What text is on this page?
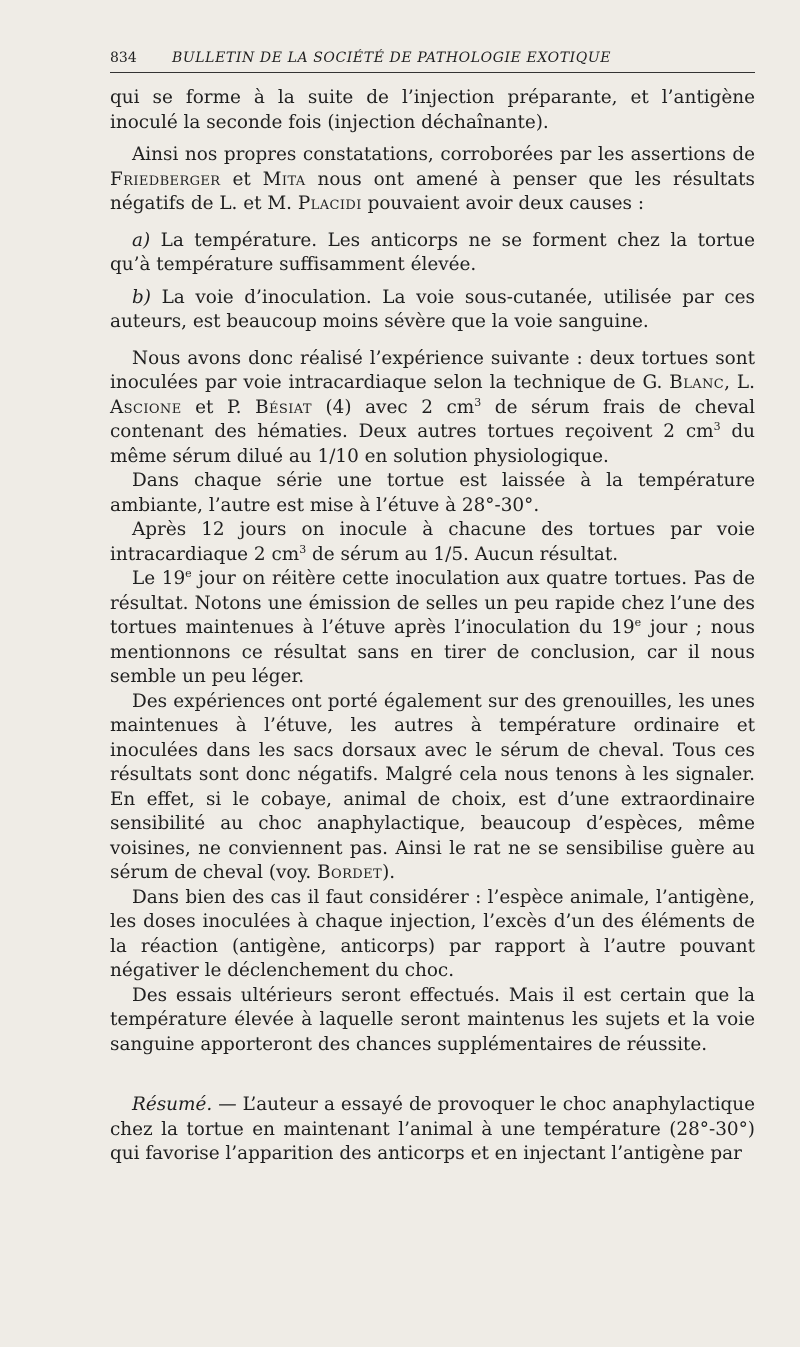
834	BULLETIN DE LA SOCIÉTÉ DE PATHOLOGIE EXOTIQUE

qui se forme à la suite de l’injection préparante, et l’antigène inoculé la seconde fois (injection déchaînante).

Ainsi nos propres constatations, corroborées par les assertions de Friedberger et Mita nous ont amené à penser que les résultats négatifs de L. et M. Placidi pouvaient avoir deux causes :

a) La température. Les anticorps ne se forment chez la tortue qu’à température suffisamment élevée.

b) La voie d’inoculation. La voie sous-cutanée, utilisée par ces auteurs, est beaucoup moins sévère que la voie sanguine.

Nous avons donc réalisé l’expérience suivante : deux tortues sont inoculées par voie intracardiaque selon la technique de G. Blanc, L. Ascione et P. Bésiat (4) avec 2 $cm^3$ de sérum frais de cheval contenant des hématies. Deux autres tortues reçoivent 2 $cm^3$ du même sérum dilué au 1/10 en solution physiologique.

Dans chaque série une tortue est laissée à la température ambiante, l’autre est mise à l’étuve à 28°-30°.

Après 12 jours on inocule à chacune des tortues par voie intracardiaque 2 $cm^3$ de sérum au 1/5. Aucun résultat.

Le 19e jour on réitère cette inoculation aux quatre tortues. Pas de résultat. Notons une émission de selles un peu rapide chez l’une des tortues maintenues à l’étuve après l’inoculation du 19e jour ; nous mentionnons ce résultat sans en tirer de conclusion, car il nous semble un peu léger.

Des expériences ont porté également sur des grenouilles, les unes maintenues à l’étuve, les autres à température ordinaire et inoculées dans les sacs dorsaux avec le sérum de cheval. Tous ces résultats sont donc négatifs. Malgré cela nous tenons à les signaler. En effet, si le cobaye, animal de choix, est d’une extraordinaire sensibilité au choc anaphylactique, beaucoup d’espèces, même voisines, ne conviennent pas. Ainsi le rat ne se sensibilise guère au sérum de cheval (voy. Bordet).

Dans bien des cas il faut considérer : l’espèce animale, l’antigène, les doses inoculées à chaque injection, l’excès d’un des éléments de la réaction (antigène, anticorps) par rapport à l’autre pouvant négativer le déclenchement du choc.

Des essais ultérieurs seront effectués. Mais il est certain que la température élevée à laquelle seront maintenus les sujets et la voie sanguine apporteront des chances supplémentaires de réussite.

Résumé. — L’auteur a essayé de provoquer le choc anaphylactique chez la tortue en maintenant l’animal à une température (28°-30°) qui favorise l’apparition des anticorps et en injectant l’antigène par
